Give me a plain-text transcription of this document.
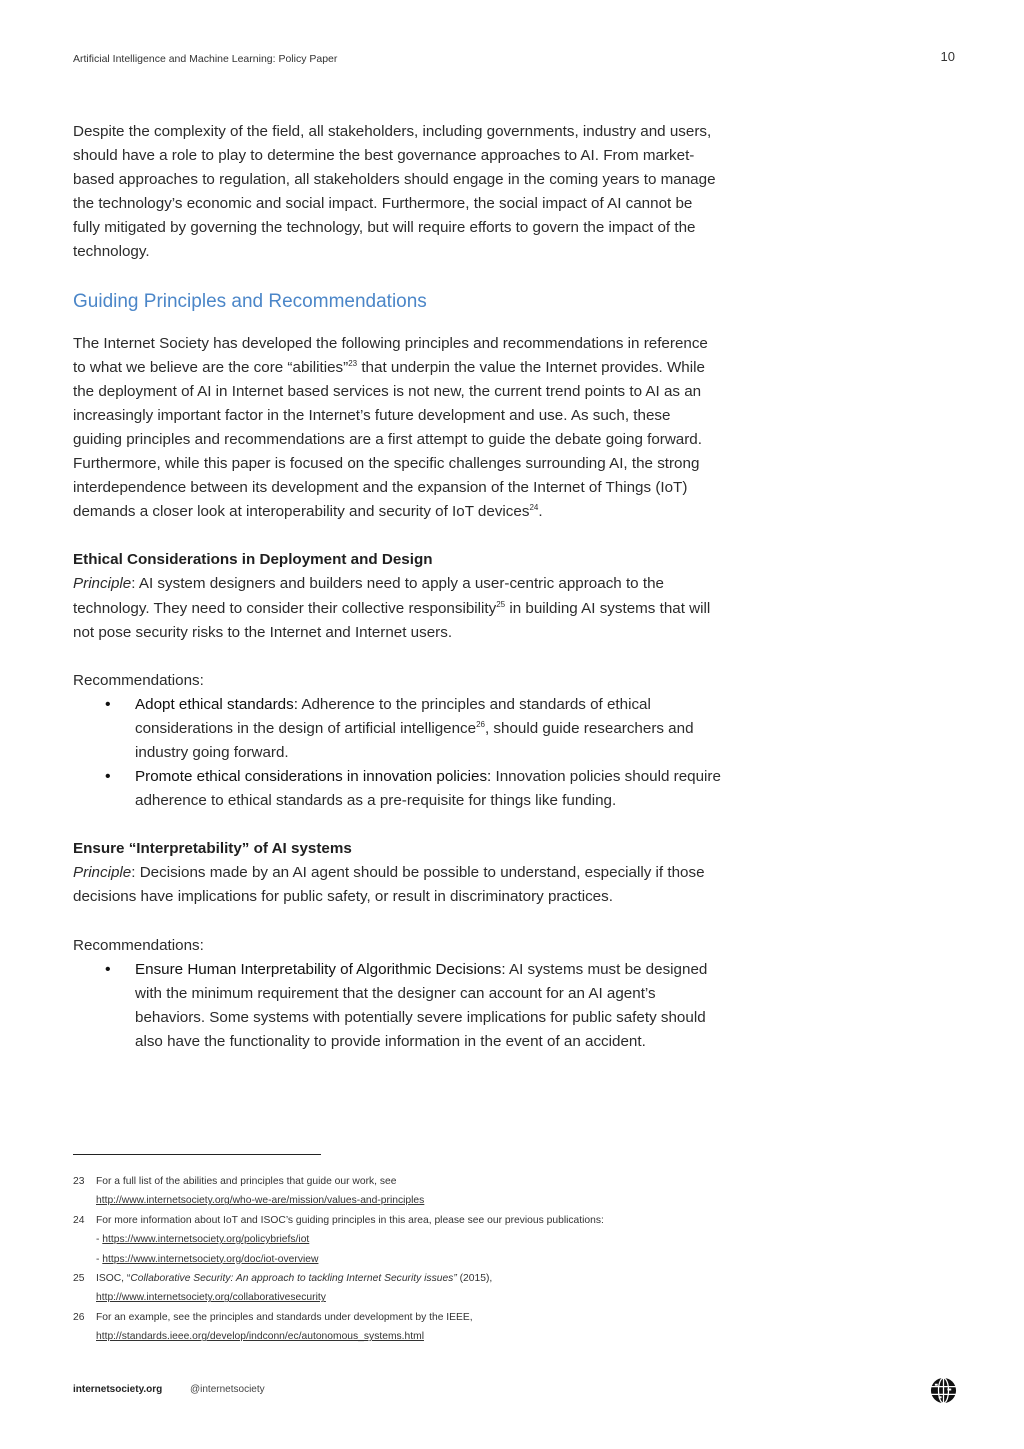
Artificial Intelligence and Machine Learning: Policy Paper	10

Despite the complexity of the field, all stakeholders, including governments, industry and users, should have a role to play to determine the best governance approaches to AI. From market-based approaches to regulation, all stakeholders should engage in the coming years to manage the technology’s economic and social impact. Furthermore, the social impact of AI cannot be fully mitigated by governing the technology, but will require efforts to govern the impact of the technology.

Guiding Principles and Recommendations

The Internet Society has developed the following principles and recommendations in reference to what we believe are the core “abilities”$^{23}$ that underpin the value the Internet provides. While the deployment of AI in Internet based services is not new, the current trend points to AI as an increasingly important factor in the Internet’s future development and use. As such, these guiding principles and recommendations are a first attempt to guide the debate going forward. Furthermore, while this paper is focused on the specific challenges surrounding AI, the strong interdependence between its development and the expansion of the Internet of Things (IoT) demands a closer look at interoperability and security of IoT devices$^{24}$.

Ethical Considerations in Deployment and Design

Principle: AI system designers and builders need to apply a user-centric approach to the technology. They need to consider their collective responsibility$^{25}$ in building AI systems that will not pose security risks to the Internet and Internet users.

Recommendations:

• Adopt ethical standards: Adherence to the principles and standards of ethical considerations in the design of artificial intelligence$^{26}$, should guide researchers and industry going forward.
• Promote ethical considerations in innovation policies: Innovation policies should require adherence to ethical standards as a pre-requisite for things like funding.

Ensure “Interpretability” of AI systems

Principle: Decisions made by an AI agent should be possible to understand, especially if those decisions have implications for public safety, or result in discriminatory practices.

Recommendations:

• Ensure Human Interpretability of Algorithmic Decisions: AI systems must be designed with the minimum requirement that the designer can account for an AI agent’s behaviors. Some systems with potentially severe implications for public safety should also have the functionality to provide information in the event of an accident.
23 For a full list of the abilities and principles that guide our work, see
http://www.internetsociety.org/who-we-are/mission/values-and-principles
24 For more information about IoT and ISOC’s guiding principles in this area, please see our previous publications:
- https://www.internetsociety.org/policybriefs/iot
- https://www.internetsociety.org/doc/iot-overview
25 ISOC, “Collaborative Security: An approach to tackling Internet Security issues” (2015),
http://www.internetsociety.org/collaborativesecurity
26 For an example, see the principles and standards under development by the IEEE,
http://standards.ieee.org/develop/indconn/ec/autonomous_systems.html
internetsociety.org	@internetsociety
